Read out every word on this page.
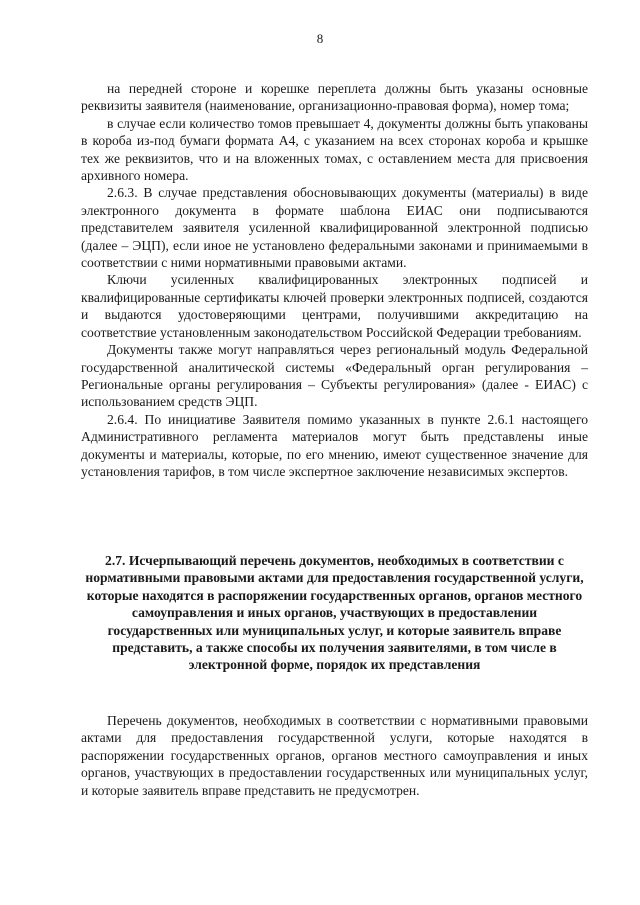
8

на передней стороне и корешке переплета должны быть указаны основные реквизиты заявителя (наименование, организационно-правовая форма), номер тома;

в случае если количество томов превышает 4, документы должны быть упакованы в короба из-под бумаги формата А4, с указанием на всех сторонах короба и крышке тех же реквизитов, что и на вложенных томах, с оставлением места для присвоения архивного номера.

2.6.3. В случае представления обосновывающих документы (материалы) в виде электронного документа в формате шаблона ЕИАС они подписываются представителем заявителя усиленной квалифицированной электронной подписью (далее – ЭЦП), если иное не установлено федеральными законами и принимаемыми в соответствии с ними нормативными правовыми актами.

Ключи усиленных квалифицированных электронных подписей и квалифицированные сертификаты ключей проверки электронных подписей, создаются и выдаются удостоверяющими центрами, получившими аккредитацию на соответствие установленным законодательством Российской Федерации требованиям.

Документы также могут направляться через региональный модуль Федеральной государственной аналитической системы «Федеральный орган регулирования – Региональные органы регулирования – Субъекты регулирования» (далее - ЕИАС) с использованием средств ЭЦП.

2.6.4. По инициативе Заявителя помимо указанных в пункте 2.6.1 настоящего Административного регламента материалов могут быть представлены иные документы и материалы, которые, по его мнению, имеют существенное значение для установления тарифов, в том числе экспертное заключение независимых экспертов.

2.7. Исчерпывающий перечень документов, необходимых в соответствии с нормативными правовыми актами для предоставления государственной услуги, которые находятся в распоряжении государственных органов, органов местного самоуправления и иных органов, участвующих в предоставлении государственных или муниципальных услуг, и которые заявитель вправе представить, а также способы их получения заявителями, в том числе в электронной форме, порядок их представления

Перечень документов, необходимых в соответствии с нормативными правовыми актами для предоставления государственной услуги, которые находятся в распоряжении государственных органов, органов местного самоуправления и иных органов, участвующих в предоставлении государственных или муниципальных услуг, и которые заявитель вправе представить не предусмотрен.
